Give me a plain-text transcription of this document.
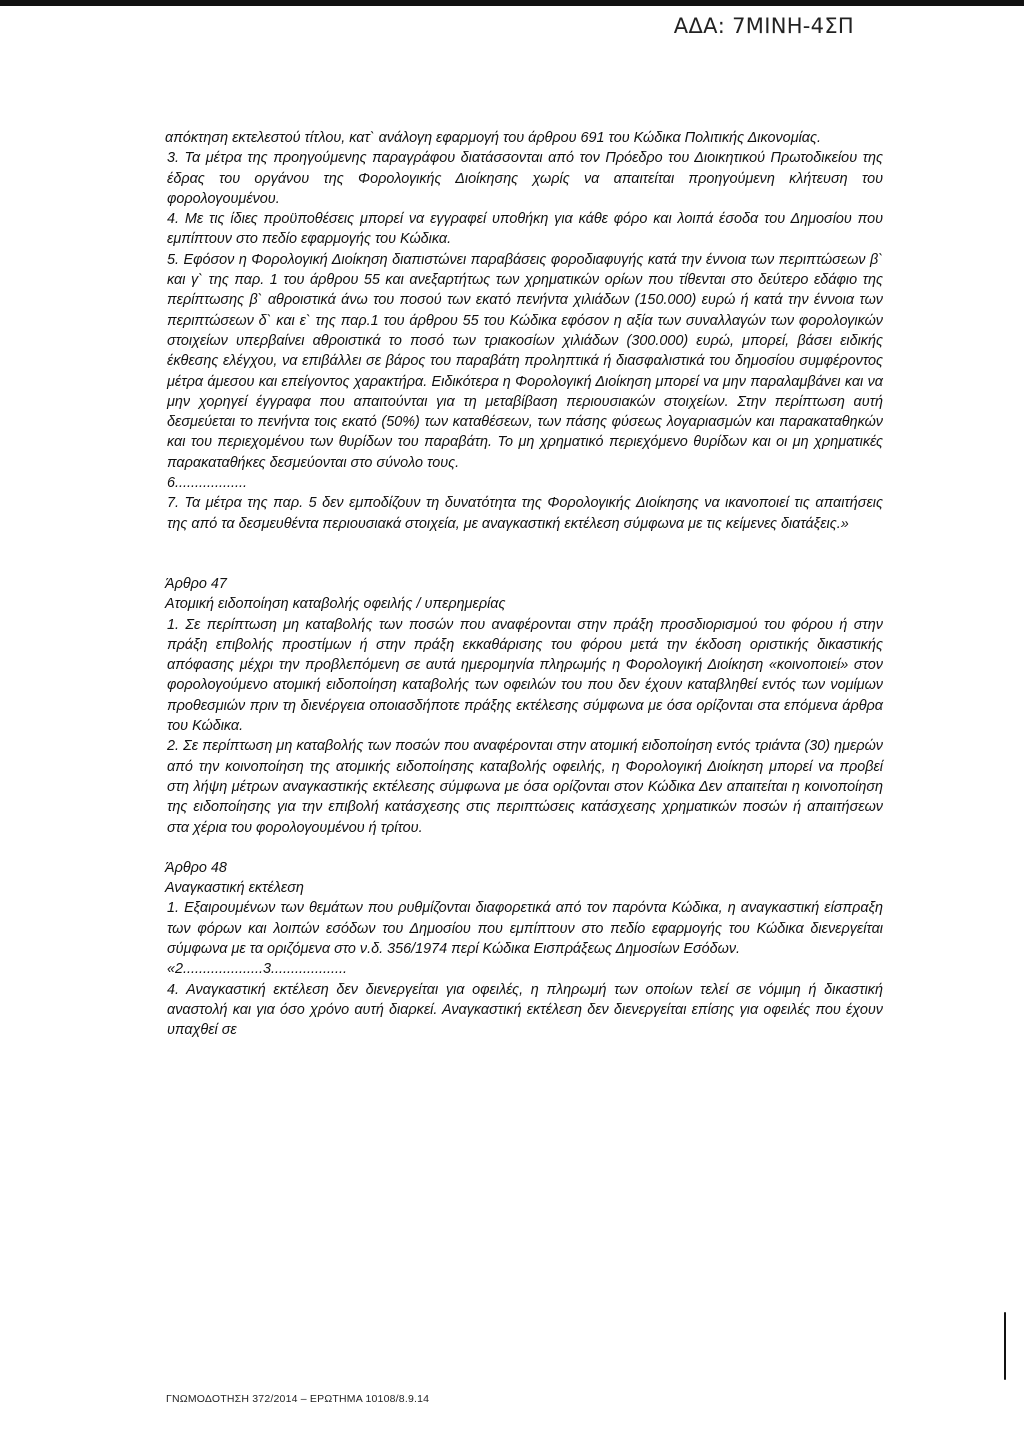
ΑΔΑ: 7ΜΙΝΗ-4ΣΠ

απόκτηση εκτελεστού τίτλου, κατ` ανάλογη εφαρμογή του άρθρου 691 του Κώδικα Πολιτικής Δικονομίας.

3. Τα μέτρα της προηγούμενης παραγράφου διατάσσονται από τον Πρόεδρο του Διοικητικού Πρωτοδικείου της έδρας του οργάνου της Φορολογικής Διοίκησης χωρίς να απαιτείται προηγούμενη κλήτευση του φορολογουμένου.

4. Με τις ίδιες προϋποθέσεις μπορεί να εγγραφεί υποθήκη για κάθε φόρο και λοιπά έσοδα του Δημοσίου που εμπίπτουν στο πεδίο εφαρμογής του Κώδικα.

5. Εφόσον η Φορολογική Διοίκηση διαπιστώνει παραβάσεις φοροδιαφυγής κατά την έννοια των περιπτώσεων β` και γ` της παρ. 1 του άρθρου 55 και ανεξαρτήτως των χρηματικών ορίων που τίθενται στο δεύτερο εδάφιο της περίπτωσης β` αθροιστικά άνω του ποσού των εκατό πενήντα χιλιάδων (150.000) ευρώ ή κατά την έννοια των περιπτώσεων δ` και ε` της παρ.1 του άρθρου 55 του Κώδικα εφόσον η αξία των συναλλαγών των φορολογικών στοιχείων υπερβαίνει αθροιστικά το ποσό των τριακοσίων χιλιάδων (300.000) ευρώ, μπορεί, βάσει ειδικής έκθεσης ελέγχου, να επιβάλλει σε βάρος του παραβάτη προληπτικά ή διασφαλιστικά του δημοσίου συμφέροντος μέτρα άμεσου και επείγοντος χαρακτήρα. Ειδικότερα η Φορολογική Διοίκηση μπορεί να μην παραλαμβάνει και να μην χορηγεί έγγραφα που απαιτούνται για τη μεταβίβαση περιουσιακών στοιχείων. Στην περίπτωση αυτή δεσμεύεται το πενήντα τοις εκατό (50%) των καταθέσεων, των πάσης φύσεως λογαριασμών και παρακαταθηκών και του περιεχομένου των θυρίδων του παραβάτη. Το μη χρηματικό περιεχόμενο θυρίδων και οι μη χρηματικές παρακαταθήκες δεσμεύονται στο σύνολο τους.

6..................

7. Τα μέτρα της παρ. 5 δεν εμποδίζουν τη δυνατότητα της Φορολογικής Διοίκησης να ικανοποιεί τις απαιτήσεις της από τα δεσμευθέντα περιουσιακά στοιχεία, με αναγκαστική εκτέλεση σύμφωνα με τις κείμενες διατάξεις.»

Άρθρο 47

Ατομική ειδοποίηση καταβολής οφειλής / υπερημερίας

1. Σε περίπτωση μη καταβολής των ποσών που αναφέρονται στην πράξη προσδιορισμού του φόρου ή στην πράξη επιβολής προστίμων ή στην πράξη εκκαθάρισης του φόρου μετά την έκδοση οριστικής δικαστικής απόφασης μέχρι την προβλεπόμενη σε αυτά ημερομηνία πληρωμής η Φορολογική Διοίκηση «κοινοποιεί» στον φορολογούμενο ατομική ειδοποίηση καταβολής των οφειλών του που δεν έχουν καταβληθεί εντός των νομίμων προθεσμιών πριν τη διενέργεια οποιασδήποτε πράξης εκτέλεσης σύμφωνα με όσα ορίζονται στα επόμενα άρθρα του Κώδικα.

2. Σε περίπτωση μη καταβολής των ποσών που αναφέρονται στην ατομική ειδοποίηση εντός τριάντα (30) ημερών από την κοινοποίηση της ατομικής ειδοποίησης καταβολής οφειλής, η Φορολογική Διοίκηση μπορεί να προβεί στη λήψη μέτρων αναγκαστικής εκτέλεσης σύμφωνα με όσα ορίζονται στον Κώδικα Δεν απαιτείται η κοινοποίηση της ειδοποίησης για την επιβολή κατάσχεσης στις περιπτώσεις κατάσχεσης χρηματικών ποσών ή απαιτήσεων στα χέρια του φορολογουμένου ή τρίτου.

Άρθρο 48

Αναγκαστική εκτέλεση

1. Εξαιρουμένων των θεμάτων που ρυθμίζονται διαφορετικά από τον παρόντα Κώδικα, η αναγκαστική είσπραξη των φόρων και λοιπών εσόδων του Δημοσίου που εμπίπτουν στο πεδίο εφαρμογής του Κώδικα διενεργείται σύμφωνα με τα οριζόμενα στο ν.δ. 356/1974 περί Κώδικα Εισπράξεως Δημοσίων Εσόδων.

«2....................3...................

4. Αναγκαστική εκτέλεση δεν διενεργείται για οφειλές, η πληρωμή των οποίων τελεί σε νόμιμη ή δικαστική αναστολή και για όσο χρόνο αυτή διαρκεί. Αναγκαστική εκτέλεση δεν διενεργείται επίσης για οφειλές που έχουν υπαχθεί σε

ΓΝΩΜΟΔΟΤΗΣΗ 372/2014 – ΕΡΩΤΗΜΑ 10108/8.9.14
